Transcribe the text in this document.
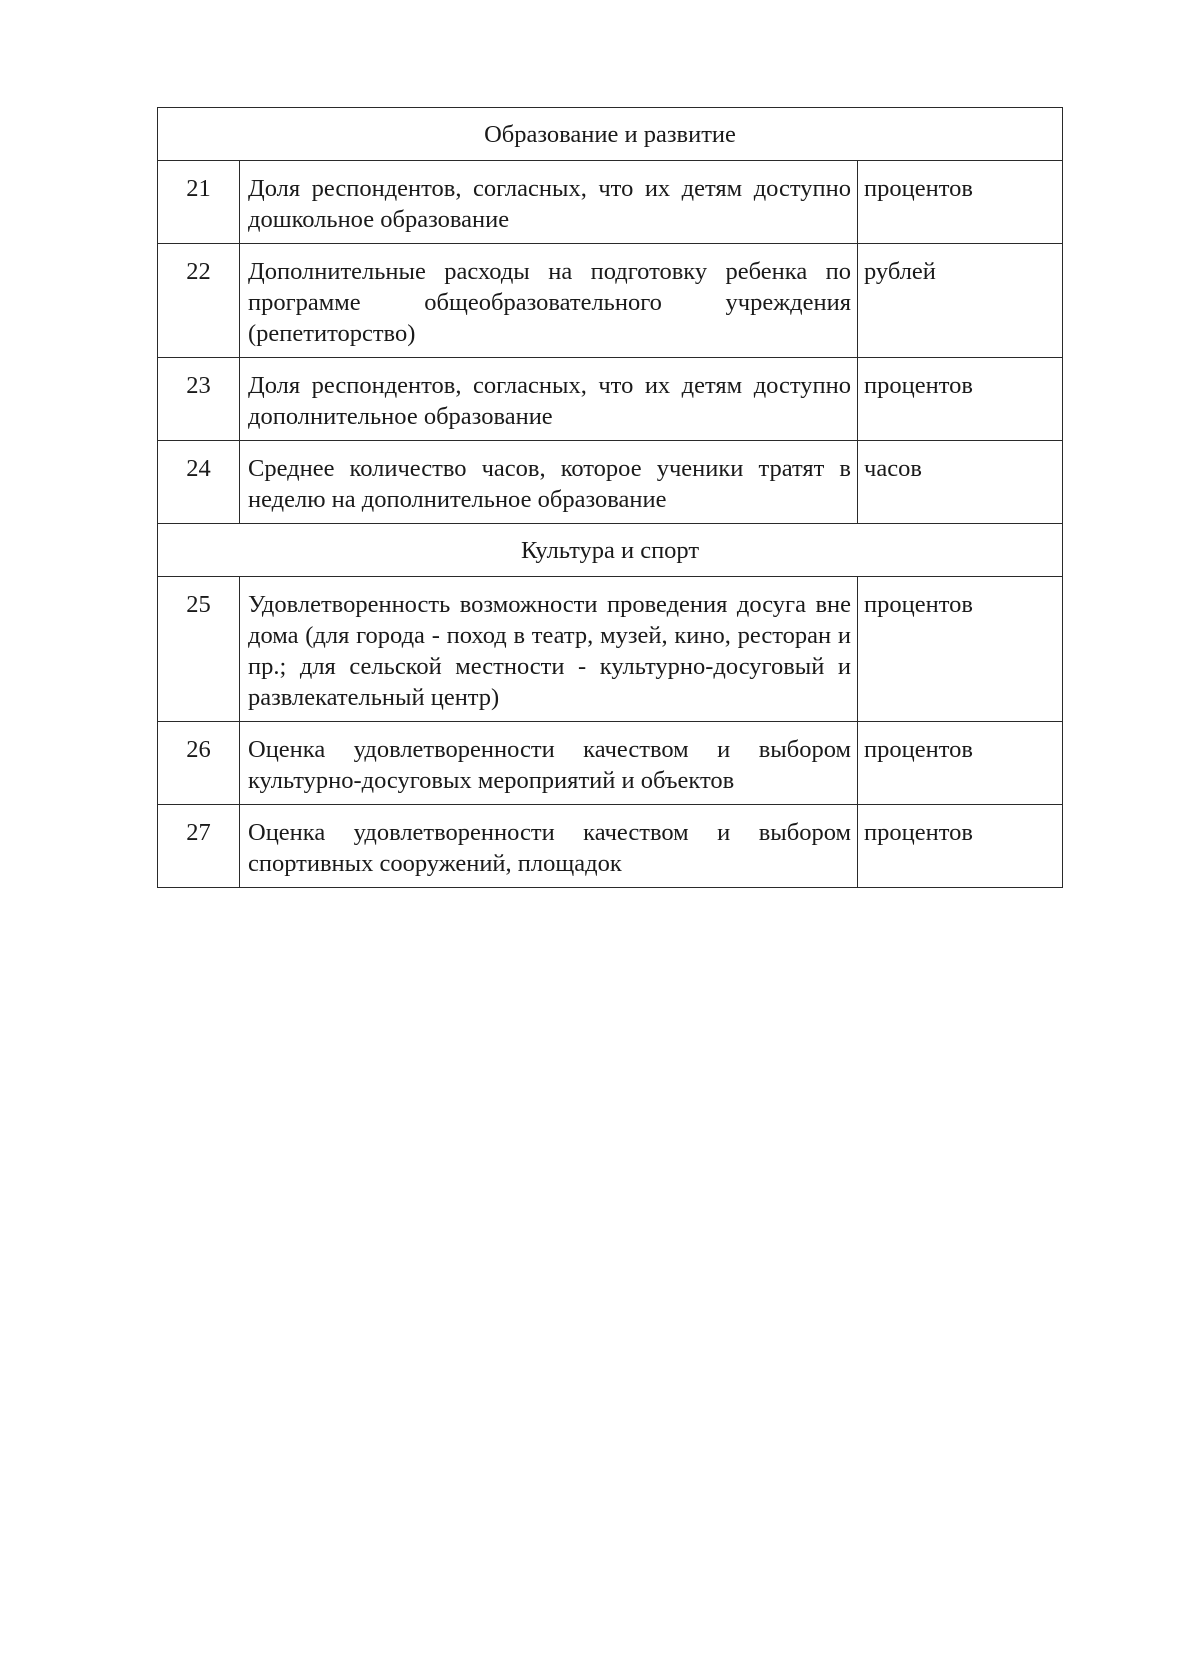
Образование и развитие		
21	Доля респондентов, согласных, что их детям доступно дошкольное образование	процентов
22	Дополнительные расходы на подготовку ребенка по программе общеобразовательного учреждения (репетиторство)	рублей
23	Доля респондентов, согласных, что их детям доступно дополнительное образование	процентов
24	Среднее количество часов, которое ученики тратят в неделю на дополнительное образование	часов
Культура и спорт		
25	Удовлетворенность возможности проведения досуга вне дома (для города - поход в театр, музей, кино, ресторан и пр.; для сельской местности - культурно-досуговый и развлекательный центр)	процентов
26	Оценка удовлетворенности качеством и выбором культурно-досуговых мероприятий и объектов	процентов
27	Оценка удовлетворенности качеством и выбором спортивных сооружений, площадок	процентов
